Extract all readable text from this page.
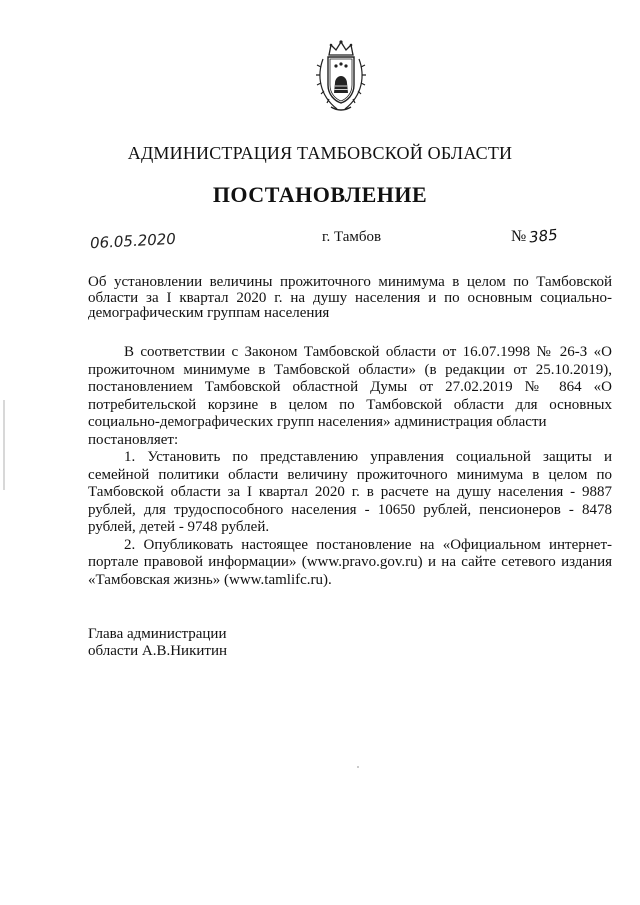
АДМИНИСТРАЦИЯ ТАМБОВСКОЙ ОБЛАСТИ
ПОСТАНОВЛЕНИЕ
06.05.2020	г. Тамбов	№ 385
Об установлении величины прожиточного минимума в целом по Тамбовской области за I квартал 2020 г. на душу населения и по основным социально-демографическим группам населения

В соответствии с Законом Тамбовской области от 16.07.1998 № 26-З «О прожиточном минимуме в Тамбовской области» (в редакции от 25.10.2019), постановлением Тамбовской областной Думы от 27.02.2019 № 864 «О потребительской корзине в целом по Тамбовской области для основных социально-демографических групп населения» администрация области

постановляет:

1. Установить по представлению управления социальной защиты и семейной политики области величину прожиточного минимума в целом по Тамбовской области за I квартал 2020 г. в расчете на душу населения - 9887 рублей, для трудоспособного населения - 10650 рублей, пенсионеров - 8478 рублей, детей - 9748 рублей.

2. Опубликовать настоящее постановление на «Официальном интернет-портале правовой информации» (www.pravo.gov.ru) и на сайте сетевого издания «Тамбовская жизнь» (www.tamlifc.ru).

Глава администрации
области А.В.Никитин
